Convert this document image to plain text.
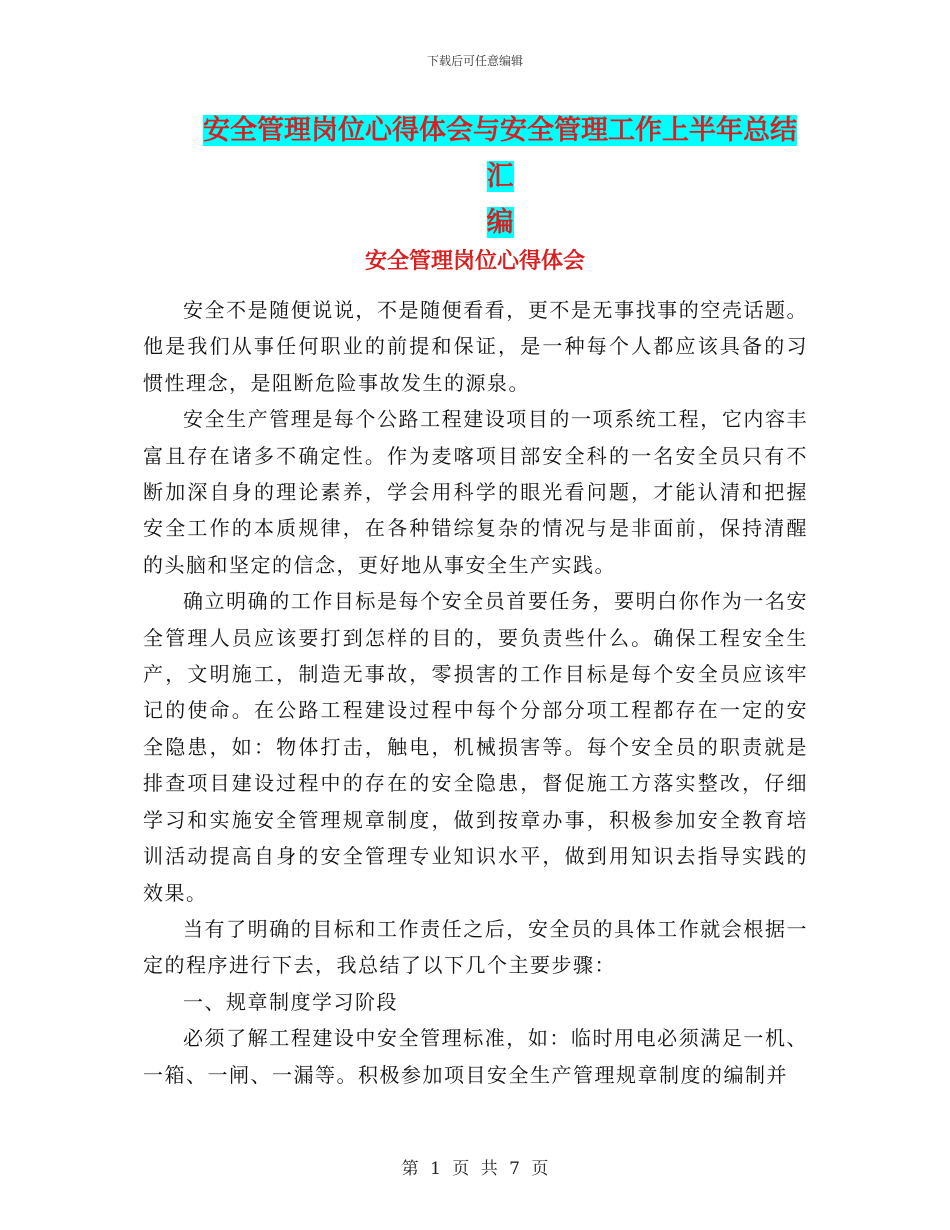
下载后可任意编辑
安全管理岗位心得体会与安全管理工作上半年总结汇
编
安全管理岗位心得体会

安全不是随便说说，不是随便看看，更不是无事找事的空壳话题。他是我们从事任何职业的前提和保证，是一种每个人都应该具备的习惯性理念，是阻断危险事故发生的源泉。

安全生产管理是每个公路工程建设项目的一项系统工程，它内容丰富且存在诸多不确定性。作为麦喀项目部安全科的一名安全员只有不断加深自身的理论素养，学会用科学的眼光看问题，才能认清和把握安全工作的本质规律，在各种错综复杂的情况与是非面前，保持清醒的头脑和坚定的信念，更好地从事安全生产实践。

确立明确的工作目标是每个安全员首要任务，要明白你作为一名安全管理人员应该要打到怎样的目的，要负责些什么。确保工程安全生产，文明施工，制造无事故，零损害的工作目标是每个安全员应该牢记的使命。在公路工程建设过程中每个分部分项工程都存在一定的安全隐患，如：物体打击，触电，机械损害等。每个安全员的职责就是排查项目建设过程中的存在的安全隐患，督促施工方落实整改，仔细学习和实施安全管理规章制度，做到按章办事，积极参加安全教育培训活动提高自身的安全管理专业知识水平，做到用知识去指导实践的效果。

当有了明确的目标和工作责任之后，安全员的具体工作就会根据一定的程序进行下去，我总结了以下几个主要步骤：

一、规章制度学习阶段

必须了解工程建设中安全管理标准，如：临时用电必须满足一机、一箱、一闸、一漏等。积极参加项目安全生产管理规章制度的编制并

第 1 页 共 7 页
